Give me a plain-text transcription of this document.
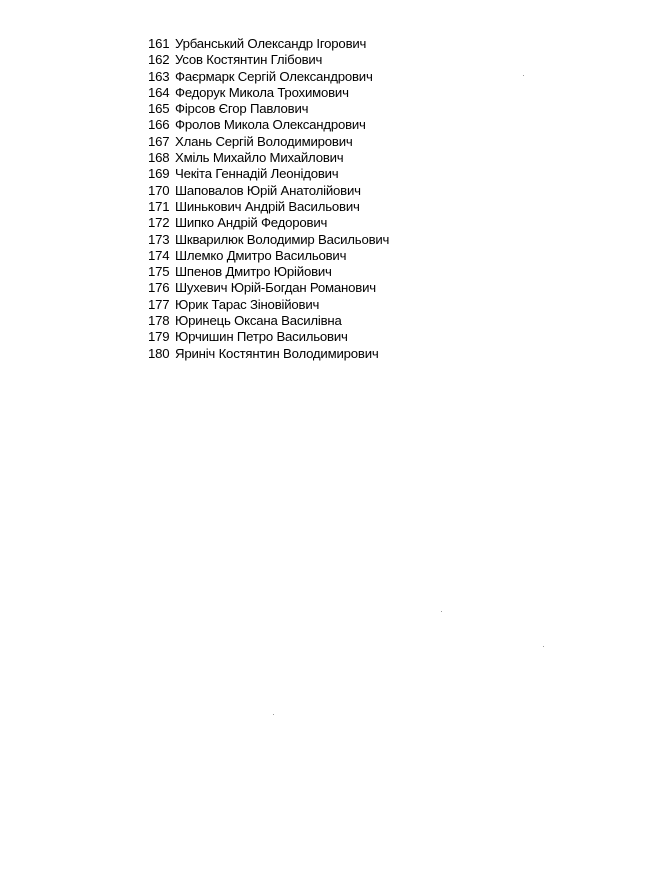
161 Урбанський Олександр Ігорович
162 Усов Костянтин Глібович
163 Фаєрмарк Сергій Олександрович
164 Федорук Микола Трохимович
165 Фірсов Єгор Павлович
166 Фролов Микола Олександрович
167 Хлань Сергій Володимирович
168 Хміль Михайло Михайлович
169 Чекіта Геннадій Леонідович
170 Шаповалов Юрій Анатолійович
171 Шинькович Андрій Васильович
172 Шипко Андрій Федорович
173 Шкварилюк Володимир Васильович
174 Шлемко Дмитро Васильович
175 Шпенов Дмитро Юрійович
176 Шухевич Юрій-Богдан Романович
177 Юрик Тарас Зіновійович
178 Юринець Оксана Василівна
179 Юрчишин Петро Васильович
180 Яриніч Костянтин Володимирович
